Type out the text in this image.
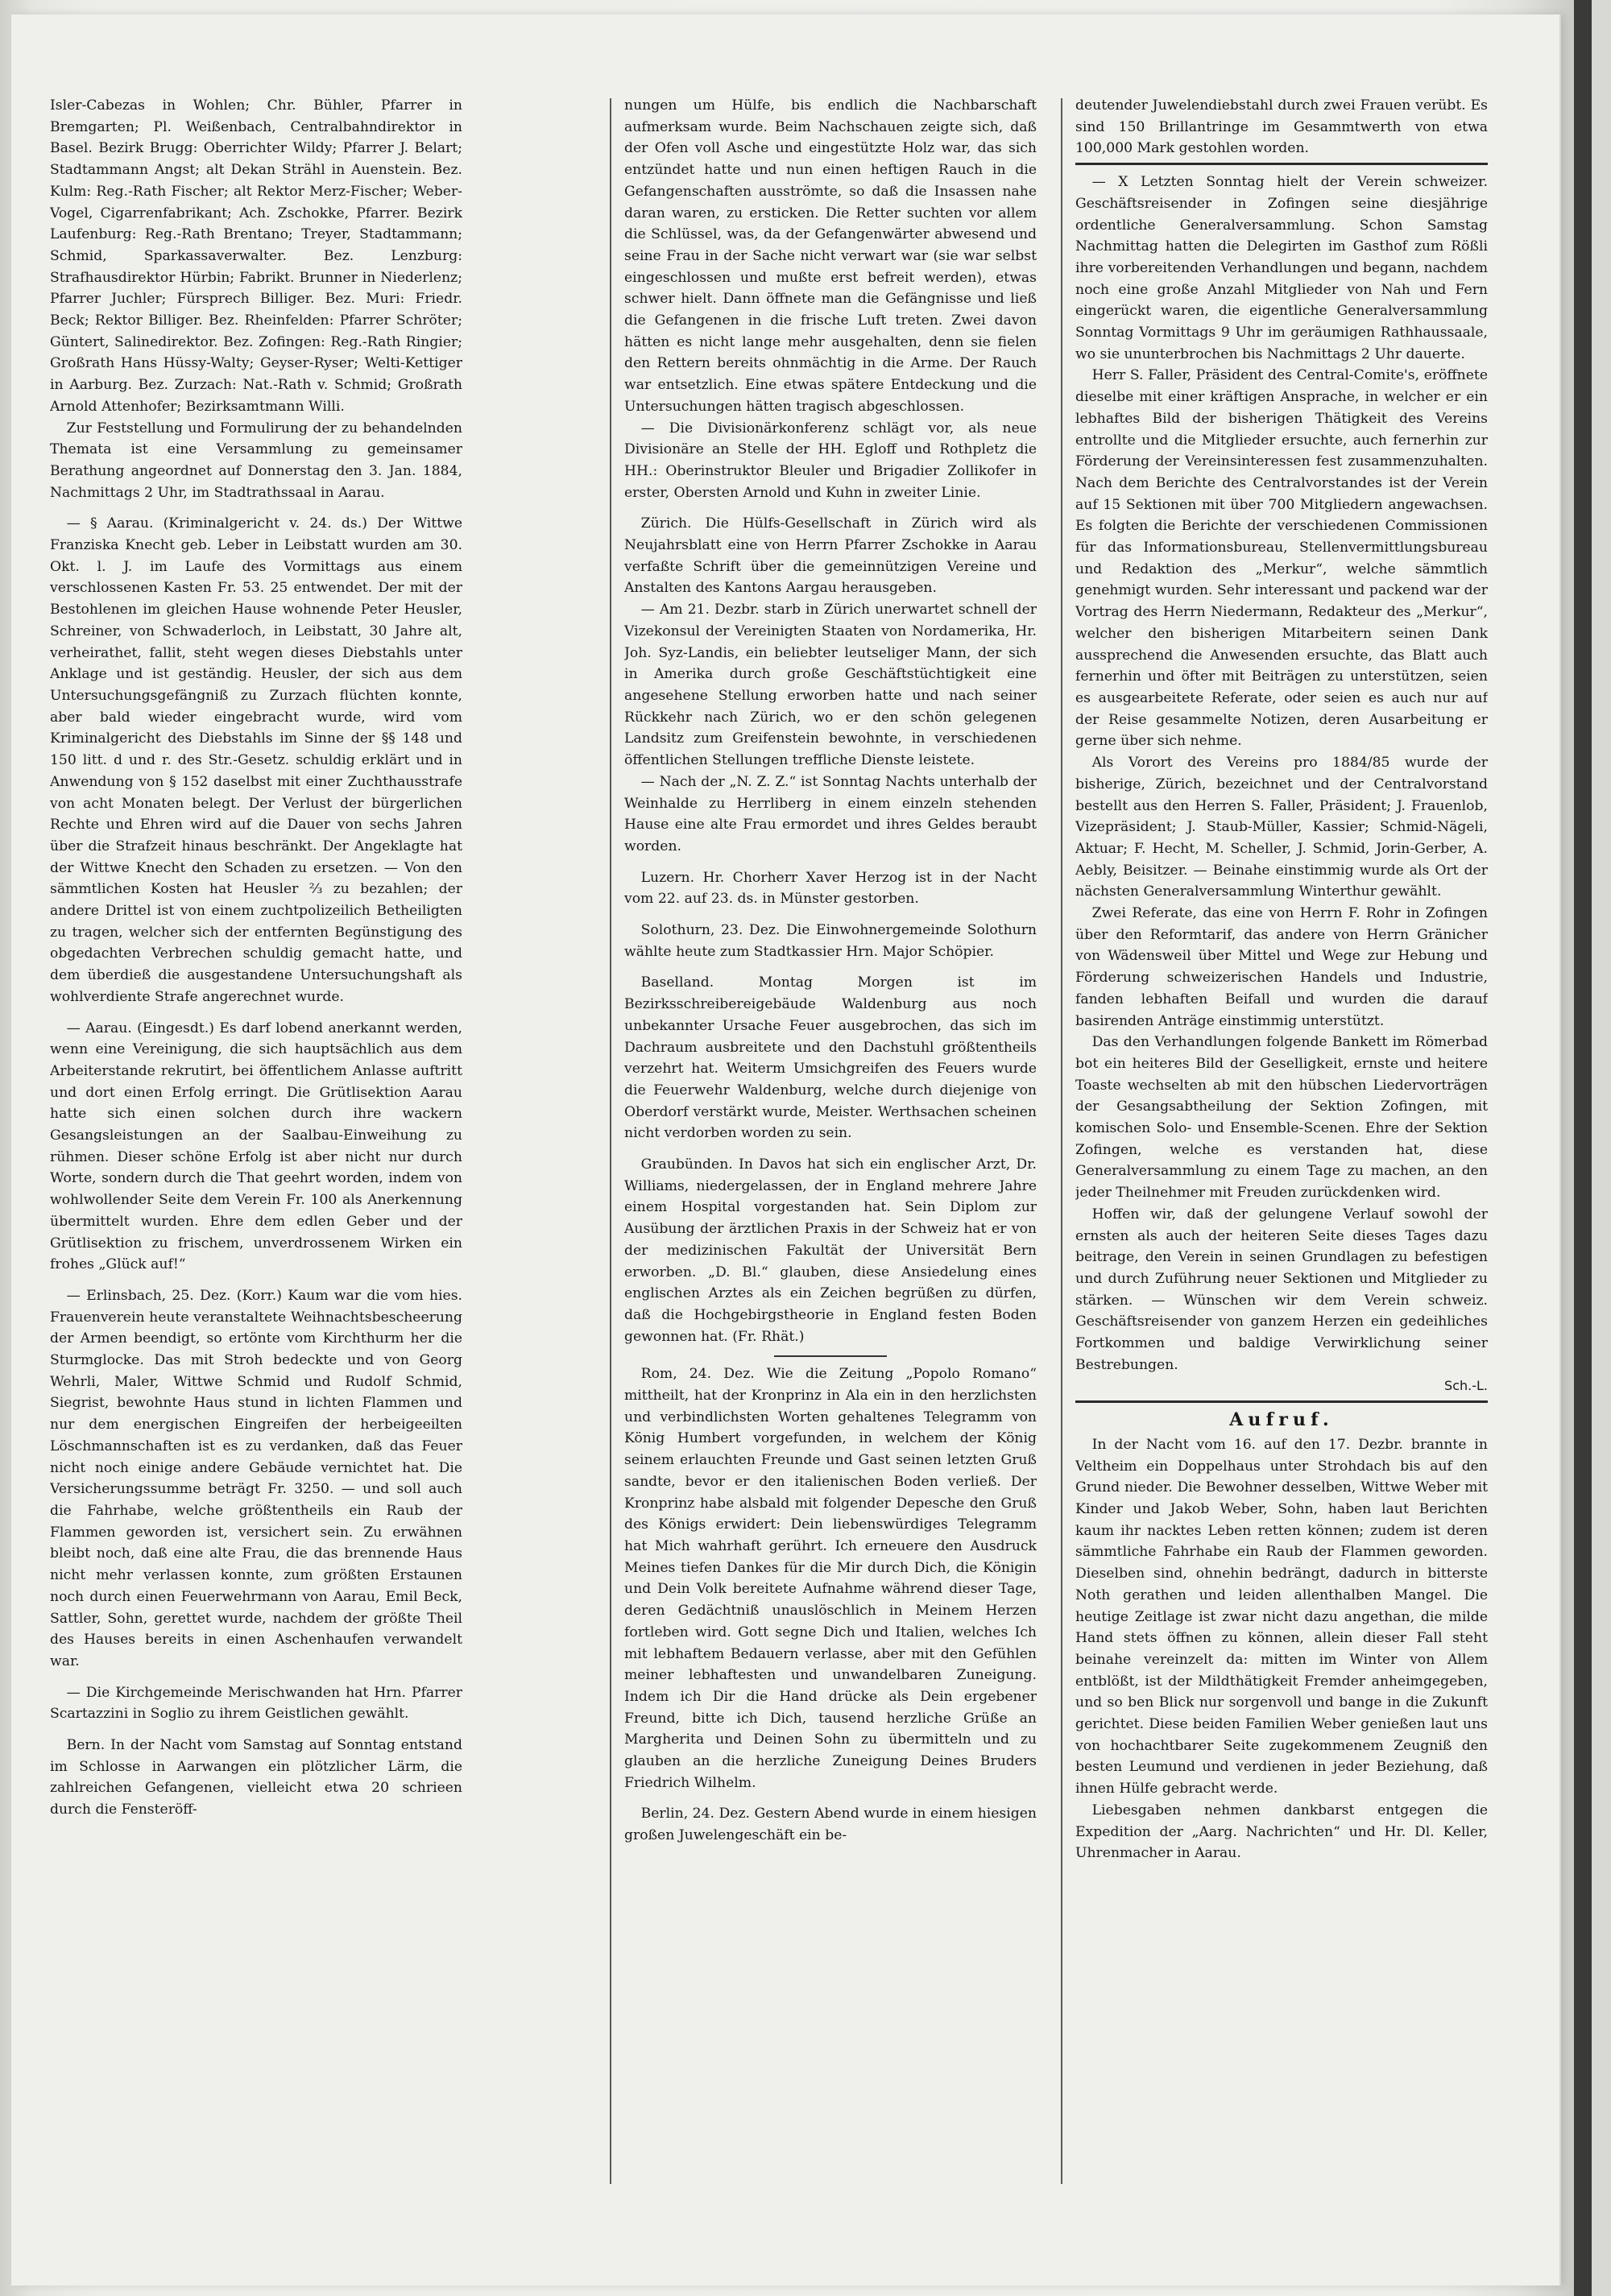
Isler-Cabezas in Wohlen; Chr. Bühler, Pfarrer in Bremgarten; Pl. Weißenbach, Centralbahndirektor in Basel. Bezirk Brugg: Oberrichter Wildy; Pfarrer J. Belart; Stadtammann Angst; alt Dekan Strähl in Auenstein. Bez. Kulm: Reg.-Rath Fischer; alt Rektor Merz-Fischer; Weber-Vogel, Cigarrenfabrikant; Ach. Zschokke, Pfarrer. Bezirk Laufenburg: Reg.-Rath Brentano; Treyer, Stadtammann; Schmid, Sparkassaverwalter. Bez. Lenzburg: Strafhausdirektor Hürbin; Fabrikt. Brunner in Niederlenz; Pfarrer Juchler; Fürsprech Billiger. Bez. Muri: Friedr. Beck; Rektor Billiger. Bez. Rheinfelden: Pfarrer Schröter; Güntert, Salinedirektor. Bez. Zofingen: Reg.-Rath Ringier; Großrath Hans Hüssy-Walty; Geyser-Ryser; Welti-Kettiger in Aarburg. Bez. Zurzach: Nat.-Rath v. Schmid; Großrath Arnold Attenhofer; Bezirksamtmann Willi.

Zur Feststellung und Formulirung der zu behandelnden Themata ist eine Versammlung zu gemeinsamer Berathung angeordnet auf Donnerstag den 3. Jan. 1884, Nachmittags 2 Uhr, im Stadtrathssaal in Aarau.

— § Aarau. (Kriminalgericht v. 24. ds.) Der Wittwe Franziska Knecht geb. Leber in Leibstatt wurden am 30. Okt. l. J. im Laufe des Vormittags aus einem verschlossenen Kasten Fr. 53. 25 entwendet. Der mit der Bestohlenen im gleichen Hause wohnende Peter Heusler, Schreiner, von Schwaderloch, in Leibstatt, 30 Jahre alt, verheirathet, fallit, steht wegen dieses Diebstahls unter Anklage und ist geständig. Heusler, der sich aus dem Untersuchungsgefängniß zu Zurzach flüchten konnte, aber bald wieder eingebracht wurde, wird vom Kriminalgericht des Diebstahls im Sinne der §§ 148 und 150 litt. d und r. des Str.-Gesetz. schuldig erklärt und in Anwendung von § 152 daselbst mit einer Zuchthausstrafe von acht Monaten belegt. Der Verlust der bürgerlichen Rechte und Ehren wird auf die Dauer von sechs Jahren über die Strafzeit hinaus beschränkt. Der Angeklagte hat der Wittwe Knecht den Schaden zu ersetzen. — Von den sämmtlichen Kosten hat Heusler ⅔ zu bezahlen; der andere Drittel ist von einem zuchtpolizeilich Betheiligten zu tragen, welcher sich der entfernten Begünstigung des obgedachten Verbrechen schuldig gemacht hatte, und dem überdieß die ausgestandene Untersuchungshaft als wohlverdiente Strafe angerechnet wurde.

— Aarau. (Eingesdt.) Es darf lobend anerkannt werden, wenn eine Vereinigung, die sich hauptsächlich aus dem Arbeiterstande rekrutirt, bei öffentlichem Anlasse auftritt und dort einen Erfolg erringt. Die Grütlisektion Aarau hatte sich einen solchen durch ihre wackern Gesangsleistungen an der Saalbau-Einweihung zu rühmen. Dieser schöne Erfolg ist aber nicht nur durch Worte, sondern durch die That geehrt worden, indem von wohlwollender Seite dem Verein Fr. 100 als Anerkennung übermittelt wurden. Ehre dem edlen Geber und der Grütlisektion zu frischem, unverdrossenem Wirken ein frohes „Glück auf!“

— Erlinsbach, 25. Dez. (Korr.) Kaum war die vom hies. Frauenverein heute veranstaltete Weihnachtsbescheerung der Armen beendigt, so ertönte vom Kirchthurm her die Sturmglocke. Das mit Stroh bedeckte und von Georg Wehrli, Maler, Wittwe Schmid und Rudolf Schmid, Siegrist, bewohnte Haus stund in lichten Flammen und nur dem energischen Eingreifen der herbeigeeilten Löschmannschaften ist es zu verdanken, daß das Feuer nicht noch einige andere Gebäude vernichtet hat. Die Versicherungssumme beträgt Fr. 3250. — und soll auch die Fahrhabe, welche größtentheils ein Raub der Flammen geworden ist, versichert sein. Zu erwähnen bleibt noch, daß eine alte Frau, die das brennende Haus nicht mehr verlassen konnte, zum größten Erstaunen noch durch einen Feuerwehrmann von Aarau, Emil Beck, Sattler, Sohn, gerettet wurde, nachdem der größte Theil des Hauses bereits in einen Aschenhaufen verwandelt war.

— Die Kirchgemeinde Merischwanden hat Hrn. Pfarrer Scartazzini in Soglio zu ihrem Geistlichen gewählt.

Bern. In der Nacht vom Samstag auf Sonntag entstand im Schlosse in Aarwangen ein plötzlicher Lärm, die zahlreichen Gefangenen, vielleicht etwa 20 schrieen durch die Fensteröff-

nungen um Hülfe, bis endlich die Nachbarschaft aufmerksam wurde. Beim Nachschauen zeigte sich, daß der Ofen voll Asche und eingestützte Holz war, das sich entzündet hatte und nun einen heftigen Rauch in die Gefangenschaften ausströmte, so daß die Insassen nahe daran waren, zu ersticken. Die Retter suchten vor allem die Schlüssel, was, da der Gefangenwärter abwesend und seine Frau in der Sache nicht verwart war (sie war selbst eingeschlossen und mußte erst befreit werden), etwas schwer hielt. Dann öffnete man die Gefängnisse und ließ die Gefangenen in die frische Luft treten. Zwei davon hätten es nicht lange mehr ausgehalten, denn sie fielen den Rettern bereits ohnmächtig in die Arme. Der Rauch war entsetzlich. Eine etwas spätere Entdeckung und die Untersuchungen hätten tragisch abgeschlossen.

— Die Divisionärkonferenz schlägt vor, als neue Divisionäre an Stelle der HH. Egloff und Rothpletz die HH.: Oberinstruktor Bleuler und Brigadier Zollikofer in erster, Obersten Arnold und Kuhn in zweiter Linie.

Zürich. Die Hülfs-Gesellschaft in Zürich wird als Neujahrsblatt eine von Herrn Pfarrer Zschokke in Aarau verfaßte Schrift über die gemeinnützigen Vereine und Anstalten des Kantons Aargau herausgeben.

— Am 21. Dezbr. starb in Zürich unerwartet schnell der Vizekonsul der Vereinigten Staaten von Nordamerika, Hr. Joh. Syz-Landis, ein beliebter leutseliger Mann, der sich in Amerika durch große Geschäftstüchtigkeit eine angesehene Stellung erworben hatte und nach seiner Rückkehr nach Zürich, wo er den schön gelegenen Landsitz zum Greifenstein bewohnte, in verschiedenen öffentlichen Stellungen treffliche Dienste leistete.

— Nach der „N. Z. Z.“ ist Sonntag Nachts unterhalb der Weinhalde zu Herrliberg in einem einzeln stehenden Hause eine alte Frau ermordet und ihres Geldes beraubt worden.

Luzern. Hr. Chorherr Xaver Herzog ist in der Nacht vom 22. auf 23. ds. in Münster gestorben.

Solothurn, 23. Dez. Die Einwohnergemeinde Solothurn wählte heute zum Stadtkassier Hrn. Major Schöpier.

Baselland. Montag Morgen ist im Bezirksschreibereigebäude Waldenburg aus noch unbekannter Ursache Feuer ausgebrochen, das sich im Dachraum ausbreitete und den Dachstuhl größtentheils verzehrt hat. Weiterm Umsichgreifen des Feuers wurde die Feuerwehr Waldenburg, welche durch diejenige von Oberdorf verstärkt wurde, Meister. Werthsachen scheinen nicht verdorben worden zu sein.

Graubünden. In Davos hat sich ein englischer Arzt, Dr. Williams, niedergelassen, der in England mehrere Jahre einem Hospital vorgestanden hat. Sein Diplom zur Ausübung der ärztlichen Praxis in der Schweiz hat er von der medizinischen Fakultät der Universität Bern erworben. „D. Bl.“ glauben, diese Ansiedelung eines englischen Arztes als ein Zeichen begrüßen zu dürfen, daß die Hochgebirgstheorie in England festen Boden gewonnen hat. (Fr. Rhät.)

Rom, 24. Dez. Wie die Zeitung „Popolo Romano“ mittheilt, hat der Kronprinz in Ala ein in den herzlichsten und verbindlichsten Worten gehaltenes Telegramm von König Humbert vorgefunden, in welchem der König seinem erlauchten Freunde und Gast seinen letzten Gruß sandte, bevor er den italienischen Boden verließ. Der Kronprinz habe alsbald mit folgender Depesche den Gruß des Königs erwidert: Dein liebenswürdiges Telegramm hat Mich wahrhaft gerührt. Ich erneuere den Ausdruck Meines tiefen Dankes für die Mir durch Dich, die Königin und Dein Volk bereitete Aufnahme während dieser Tage, deren Gedächtniß unauslöschlich in Meinem Herzen fortleben wird. Gott segne Dich und Italien, welches Ich mit lebhaftem Bedauern verlasse, aber mit den Gefühlen meiner lebhaftesten und unwandelbaren Zuneigung. Indem ich Dir die Hand drücke als Dein ergebener Freund, bitte ich Dich, tausend herzliche Grüße an Margherita und Deinen Sohn zu übermitteln und zu glauben an die herzliche Zuneigung Deines Bruders Friedrich Wilhelm.

Berlin, 24. Dez. Gestern Abend wurde in einem hiesigen großen Juwelengeschäft ein be-

deutender Juwelendiebstahl durch zwei Frauen verübt. Es sind 150 Brillantringe im Gesammtwerth von etwa 100,000 Mark gestohlen worden.

— X Letzten Sonntag hielt der Verein schweizer. Geschäftsreisender in Zofingen seine diesjährige ordentliche Generalversammlung. Schon Samstag Nachmittag hatten die Delegirten im Gasthof zum Rößli ihre vorbereitenden Verhandlungen und begann, nachdem noch eine große Anzahl Mitglieder von Nah und Fern eingerückt waren, die eigentliche Generalversammlung Sonntag Vormittags 9 Uhr im geräumigen Rathhaussaale, wo sie ununterbrochen bis Nachmittags 2 Uhr dauerte.

Herr S. Faller, Präsident des Central-Comite's, eröffnete dieselbe mit einer kräftigen Ansprache, in welcher er ein lebhaftes Bild der bisherigen Thätigkeit des Vereins entrollte und die Mitglieder ersuchte, auch fernerhin zur Förderung der Vereinsinteressen fest zusammenzuhalten. Nach dem Berichte des Centralvorstandes ist der Verein auf 15 Sektionen mit über 700 Mitgliedern angewachsen. Es folgten die Berichte der verschiedenen Commissionen für das Informationsbureau, Stellenvermittlungsbureau und Redaktion des „Merkur“, welche sämmtlich genehmigt wurden. Sehr interessant und packend war der Vortrag des Herrn Niedermann, Redakteur des „Merkur“, welcher den bisherigen Mitarbeitern seinen Dank aussprechend die Anwesenden ersuchte, das Blatt auch fernerhin und öfter mit Beiträgen zu unterstützen, seien es ausgearbeitete Referate, oder seien es auch nur auf der Reise gesammelte Notizen, deren Ausarbeitung er gerne über sich nehme.

Als Vorort des Vereins pro 1884/85 wurde der bisherige, Zürich, bezeichnet und der Centralvorstand bestellt aus den Herren S. Faller, Präsident; J. Frauenlob, Vizepräsident; J. Staub-Müller, Kassier; Schmid-Nägeli, Aktuar; F. Hecht, M. Scheller, J. Schmid, Jorin-Gerber, A. Aebly, Beisitzer. — Beinahe einstimmig wurde als Ort der nächsten Generalversammlung Winterthur gewählt.

Zwei Referate, das eine von Herrn F. Rohr in Zofingen über den Reformtarif, das andere von Herrn Gränicher von Wädensweil über Mittel und Wege zur Hebung und Förderung schweizerischen Handels und Industrie, fanden lebhaften Beifall und wurden die darauf basirenden Anträge einstimmig unterstützt.

Das den Verhandlungen folgende Bankett im Römerbad bot ein heiteres Bild der Geselligkeit, ernste und heitere Toaste wechselten ab mit den hübschen Liedervorträgen der Gesangsabtheilung der Sektion Zofingen, mit komischen Solo- und Ensemble-Scenen. Ehre der Sektion Zofingen, welche es verstanden hat, diese Generalversammlung zu einem Tage zu machen, an den jeder Theilnehmer mit Freuden zurückdenken wird.

Hoffen wir, daß der gelungene Verlauf sowohl der ernsten als auch der heiteren Seite dieses Tages dazu beitrage, den Verein in seinen Grundlagen zu befestigen und durch Zuführung neuer Sektionen und Mitglieder zu stärken. — Wünschen wir dem Verein schweiz. Geschäftsreisender von ganzem Herzen ein gedeihliches Fortkommen und baldige Verwirklichung seiner Bestrebungen.

Sch.-L.

Aufruf.

In der Nacht vom 16. auf den 17. Dezbr. brannte in Veltheim ein Doppelhaus unter Strohdach bis auf den Grund nieder. Die Bewohner desselben, Wittwe Weber mit Kinder und Jakob Weber, Sohn, haben laut Berichten kaum ihr nacktes Leben retten können; zudem ist deren sämmtliche Fahrhabe ein Raub der Flammen geworden. Dieselben sind, ohnehin bedrängt, dadurch in bitterste Noth gerathen und leiden allenthalben Mangel. Die heutige Zeitlage ist zwar nicht dazu angethan, die milde Hand stets öffnen zu können, allein dieser Fall steht beinahe vereinzelt da: mitten im Winter von Allem entblößt, ist der Mildthätigkeit Fremder anheimgegeben, und so ben Blick nur sorgenvoll und bange in die Zukunft gerichtet. Diese beiden Familien Weber genießen laut uns von hochachtbarer Seite zugekommenem Zeugniß den besten Leumund und verdienen in jeder Beziehung, daß ihnen Hülfe gebracht werde.

Liebesgaben nehmen dankbarst entgegen die Expedition der „Aarg. Nachrichten“ und Hr. Dl. Keller, Uhrenmacher in Aarau.
